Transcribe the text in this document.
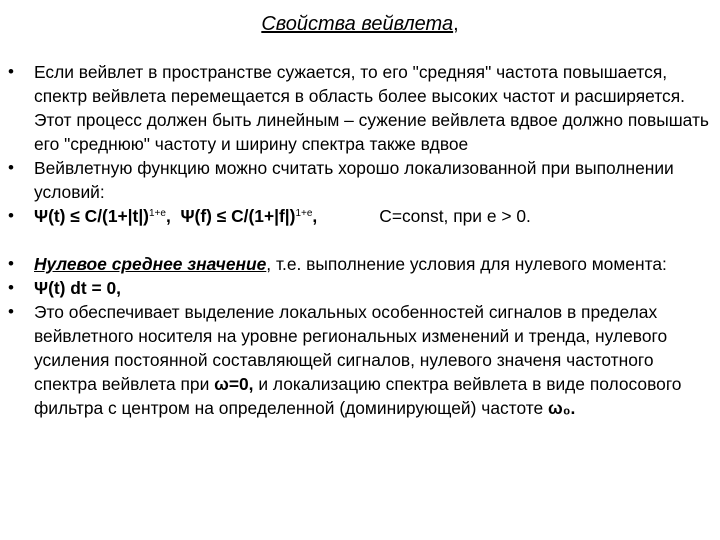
Свойства вейвлета,
• Если вейвлет в пространстве сужается, то его "средняя" частота повышается, спектр вейвлета перемещается в область более высоких частот и расширяется. Этот процесс должен быть линейным – сужение вейвлета вдвое должно повышать его "среднюю" частоту и ширину спектра также вдвое
• Вейвлетную функцию можно считать хорошо локализованной при выполнении условий:
• $\Psi(t) \le C/(1+|t|)^{1+e}$, $\Psi(f) \le C/(1+|f|)^{1+e}$,	C=const, при e > 0.
• Нулевое среднее значение, т.е. выполнение условия для нулевого момента:
• Ψ(t) dt = 0,
• Это обеспечивает выделение локальных особенностей сигналов в пределах вейвлетного носителя на уровне региональных изменений и тренда, нулевого усиления постоянной составляющей сигналов, нулевого значеня частотного спектра вейвлета при ω=0, и локализацию спектра вейвлета в виде полосового фильтра с центром на определенной (доминирующей) частоте ω₀.
